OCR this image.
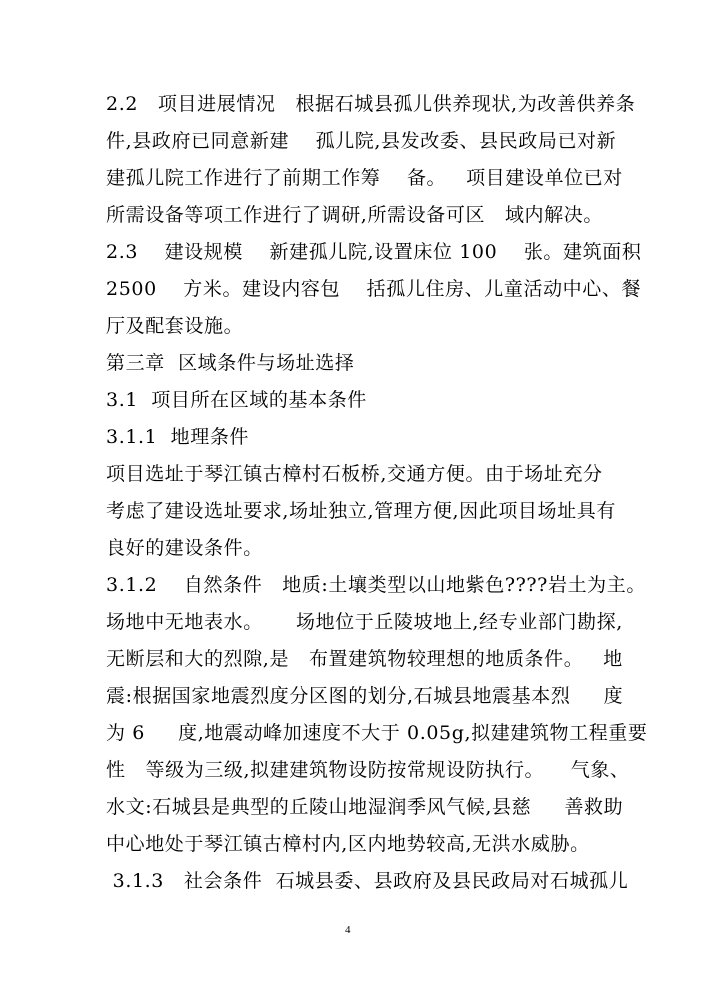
2.2   项目进展情况   根据石城县孤儿供养现状,为改善供养条
件,县政府已同意新建    孤儿院,县发改委、县民政局已对新
建孤儿院工作进行了前期工作筹    备。   项目建设单位已对
所需设备等项工作进行了调研,所需设备可区   域内解决。
2.3    建设规模    新建孤儿院,设置床位 100    张。建筑面积
2500    方米。建设内容包    括孤儿住房、儿童活动中心、餐
厅及配套设施。
第三章  区域条件与场址选择
3.1  项目所在区域的基本条件
3.1.1  地理条件
项目选址于琴江镇古樟村石板桥,交通方便。由于场址充分
考虑了建设选址要求,场址独立,管理方便,因此项目场址具有
良好的建设条件。
3.1.2    自然条件   地质:土壤类型以山地紫色????岩土为主。
场地中无地表水。     场地位于丘陵坡地上,经专业部门勘探,
无断层和大的烈隙,是   布置建筑物较理想的地质条件。   地
震:根据国家地震烈度分区图的划分,石城县地震基本烈     度
为 6     度,地震动峰加速度不大于 0.05g,拟建建筑物工程重要
性   等级为三级,拟建建筑物设防按常规设防执行。    气象、
水文:石城县是典型的丘陵山地湿润季风气候,县慈     善救助
中心地处于琴江镇古樟村内,区内地势较高,无洪水威胁。
3.1.3   社会条件  石城县委、县政府及县民政局对石城孤儿
4
